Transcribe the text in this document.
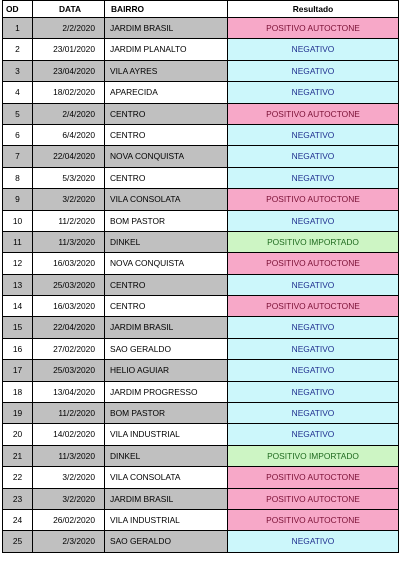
OD	DATA	BAIRRO	Resultado
1	2/2/2020	JARDIM BRASIL	POSITIVO AUTOCTONE
2	23/01/2020	JARDIM PLANALTO	NEGATIVO
3	23/04/2020	VILA AYRES	NEGATIVO
4	18/02/2020	APARECIDA	NEGATIVO
5	2/4/2020	CENTRO	POSITIVO AUTOCTONE
6	6/4/2020	CENTRO	NEGATIVO
7	22/04/2020	NOVA CONQUISTA	NEGATIVO
8	5/3/2020	CENTRO	NEGATIVO
9	3/2/2020	VILA CONSOLATA	POSITIVO AUTOCTONE
10	11/2/2020	BOM PASTOR	NEGATIVO
11	11/3/2020	DINKEL	POSITIVO IMPORTADO
12	16/03/2020	NOVA CONQUISTA	POSITIVO AUTOCTONE
13	25/03/2020	CENTRO	NEGATIVO
14	16/03/2020	CENTRO	POSITIVO AUTOCTONE
15	22/04/2020	JARDIM BRASIL	NEGATIVO
16	27/02/2020	SAO GERALDO	NEGATIVO
17	25/03/2020	HELIO AGUIAR	NEGATIVO
18	13/04/2020	JARDIM PROGRESSO	NEGATIVO
19	11/2/2020	BOM PASTOR	NEGATIVO
20	14/02/2020	VILA INDUSTRIAL	NEGATIVO
21	11/3/2020	DINKEL	POSITIVO IMPORTADO
22	3/2/2020	VILA CONSOLATA	POSITIVO AUTOCTONE
23	3/2/2020	JARDIM BRASIL	POSITIVO AUTOCTONE
24	26/02/2020	VILA INDUSTRIAL	POSITIVO AUTOCTONE
25	2/3/2020	SAO GERALDO	NEGATIVO
